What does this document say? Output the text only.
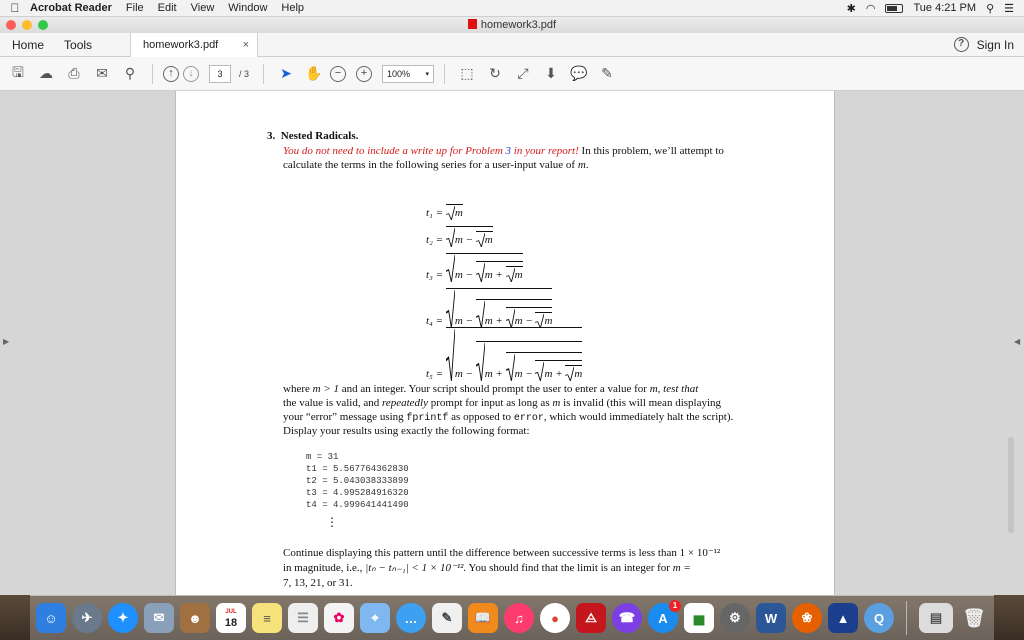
Acrobat Reader File Edit View Window Help	✱ ◠	Tue 4:21 PM ⚲ ☰
homework3.pdf
Home	Tools	homework3.pdf ×	?	Sign In
🖫	☁	⎙	✉	⚲	↑	↓	3	/ 3	➤ ✋	−	+	100% ▾	⬚	↻	⤢	⬇ 💬 ✎
▶	◀
3. Nested Radicals.
You do not need to include a write up for Problem 3 in your report! In this problem, we’ll attempt to
calculate the terms in the following series for a user-input value of m.
t₁ = m
t₂ = m − m
t₃ = m − m + m
t₄ = m − m + m − m
t₅ = m − m + m − m + m
where m > 1 and an integer. Your script should prompt the user to enter a value for m, test that
the value is valid, and repeatedly prompt for input as long as m is invalid (this will mean displaying
your “error” message using fprintf as opposed to error, which would immediately halt the script).
Display your results using exactly the following format:
m = 31
t1 = 5.567764362830
t2 = 5.043038333899
t3 = 4.995284916320
t4 = 4.999641441490
⋮
Continue displaying this pattern until the difference between successive terms is less than 1 × 10⁻¹²
in magnitude, i.e., |tₙ − tₙ₋₁| < 1 × 10⁻¹². You should find that the limit is an integer for m =
7, 13, 21, or 31.
☺	✈	✦	✉	☻	JUL
18	≡	☰	✿	⌖	…	✎	📖	♫	●	⨺	☎	A
1
▅	⚙	W	❀	▲	Q	▤	🗑
